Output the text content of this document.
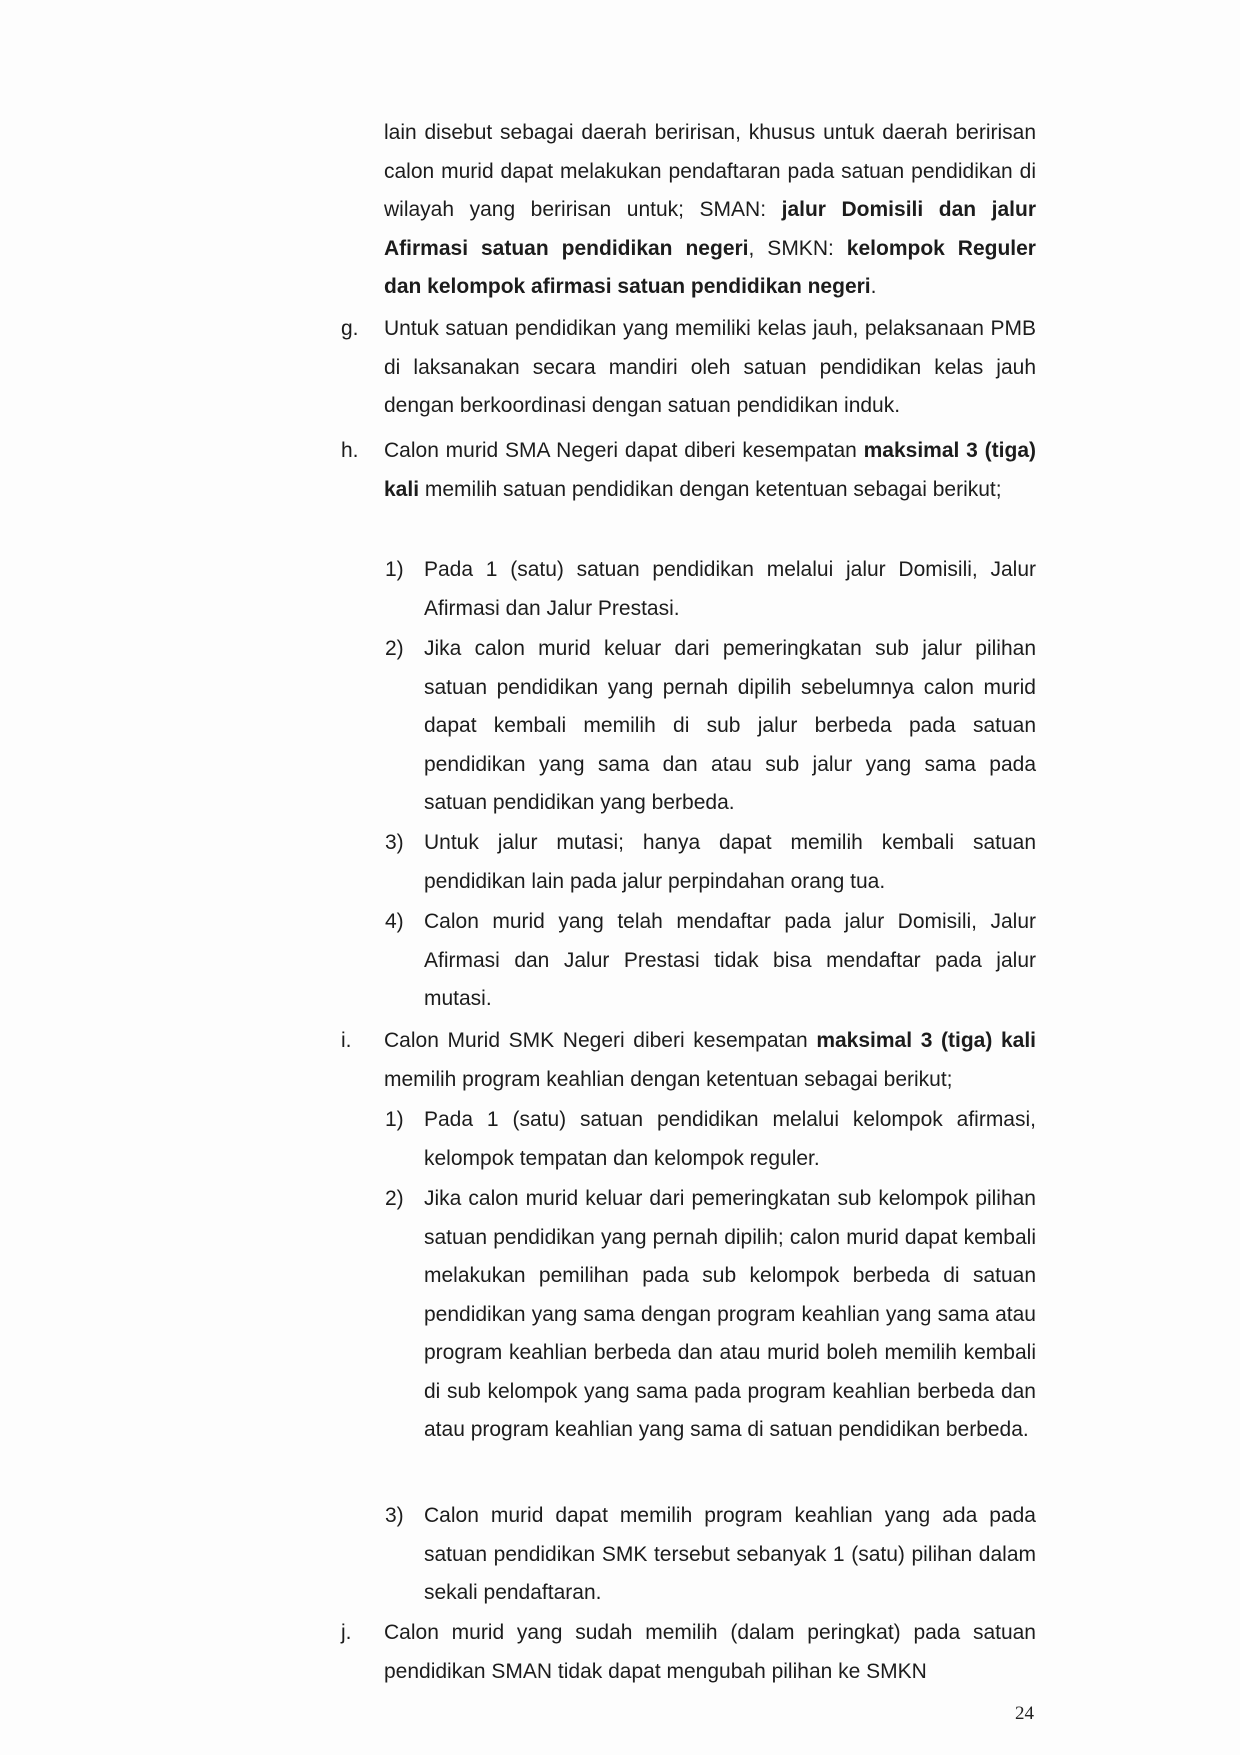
lain disebut sebagai daerah beririsan, khusus untuk daerah beririsan calon murid dapat melakukan pendaftaran pada satuan pendidikan di wilayah yang beririsan untuk; SMAN: jalur Domisili dan jalur Afirmasi satuan pendidikan negeri, SMKN: kelompok Reguler dan kelompok afirmasi satuan pendidikan negeri.
g. Untuk satuan pendidikan yang memiliki kelas jauh, pelaksanaan PMB di laksanakan secara mandiri oleh satuan pendidikan kelas jauh dengan berkoordinasi dengan satuan pendidikan induk.
h. Calon murid SMA Negeri dapat diberi kesempatan maksimal 3 (tiga) kali memilih satuan pendidikan dengan ketentuan sebagai berikut;
1) Pada 1 (satu) satuan pendidikan melalui jalur Domisili, Jalur Afirmasi dan Jalur Prestasi.
2) Jika calon murid keluar dari pemeringkatan sub jalur pilihan satuan pendidikan yang pernah dipilih sebelumnya calon murid dapat kembali memilih di sub jalur berbeda pada satuan pendidikan yang sama dan atau sub jalur yang sama pada satuan pendidikan yang berbeda.
3) Untuk jalur mutasi; hanya dapat memilih kembali satuan pendidikan lain pada jalur perpindahan orang tua.
4) Calon murid yang telah mendaftar pada jalur Domisili, Jalur Afirmasi dan Jalur Prestasi tidak bisa mendaftar pada jalur mutasi.
i. Calon Murid SMK Negeri diberi kesempatan maksimal 3 (tiga) kali memilih program keahlian dengan ketentuan sebagai berikut;
1) Pada 1 (satu) satuan pendidikan melalui kelompok afirmasi, kelompok tempatan dan kelompok reguler.
2) Jika calon murid keluar dari pemeringkatan sub kelompok pilihan satuan pendidikan yang pernah dipilih; calon murid dapat kembali melakukan pemilihan pada sub kelompok berbeda di satuan pendidikan yang sama dengan program keahlian yang sama atau program keahlian berbeda dan atau murid boleh memilih kembali di sub kelompok yang sama pada program keahlian berbeda dan atau program keahlian yang sama di satuan pendidikan berbeda.
3) Calon murid dapat memilih program keahlian yang ada pada satuan pendidikan SMK tersebut sebanyak 1 (satu) pilihan dalam sekali pendaftaran.
j. Calon murid yang sudah memilih (dalam peringkat) pada satuan pendidikan SMAN tidak dapat mengubah pilihan ke SMKN
24
